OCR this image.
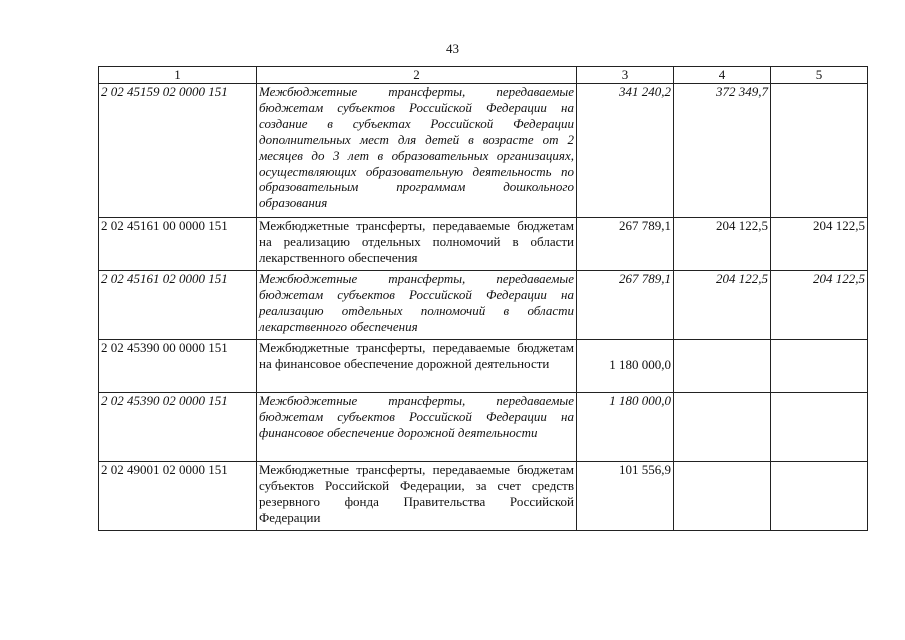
43
1	2	3	4	5
2 02 45159 02 0000 151	Межбюджетные трансферты, передаваемые бюджетам субъектов Российской Федерации на создание в субъектах Российской Федерации дополнительных мест для детей в возрасте от 2 месяцев до 3 лет в образовательных организациях, осуществляющих образовательную деятельность по образовательным программам дошкольного образования	341 240,2	372 349,7	
2 02 45161 00 0000 151	Межбюджетные трансферты, передаваемые бюджетам на реализацию отдельных полномочий в области лекарственного обеспечения	267 789,1	204 122,5	204 122,5
2 02 45161 02 0000 151	Межбюджетные трансферты, передаваемые бюджетам субъектов Российской Федерации на реализацию отдельных полномочий в области лекарственного обеспечения	267 789,1	204 122,5	204 122,5
2 02 45390 00 0000 151	Межбюджетные трансферты, передаваемые бюджетам на финансовое обеспечение дорожной деятельности	1 180 000,0		
2 02 45390 02 0000 151	Межбюджетные трансферты, передаваемые бюджетам субъектов Российской Федерации на финансовое обеспечение дорожной деятельности	1 180 000,0		
2 02 49001 02 0000 151	Межбюджетные трансферты, передаваемые бюджетам субъектов Российской Федерации, за счет средств резервного фонда Правительства Российской Федерации	101 556,9		
